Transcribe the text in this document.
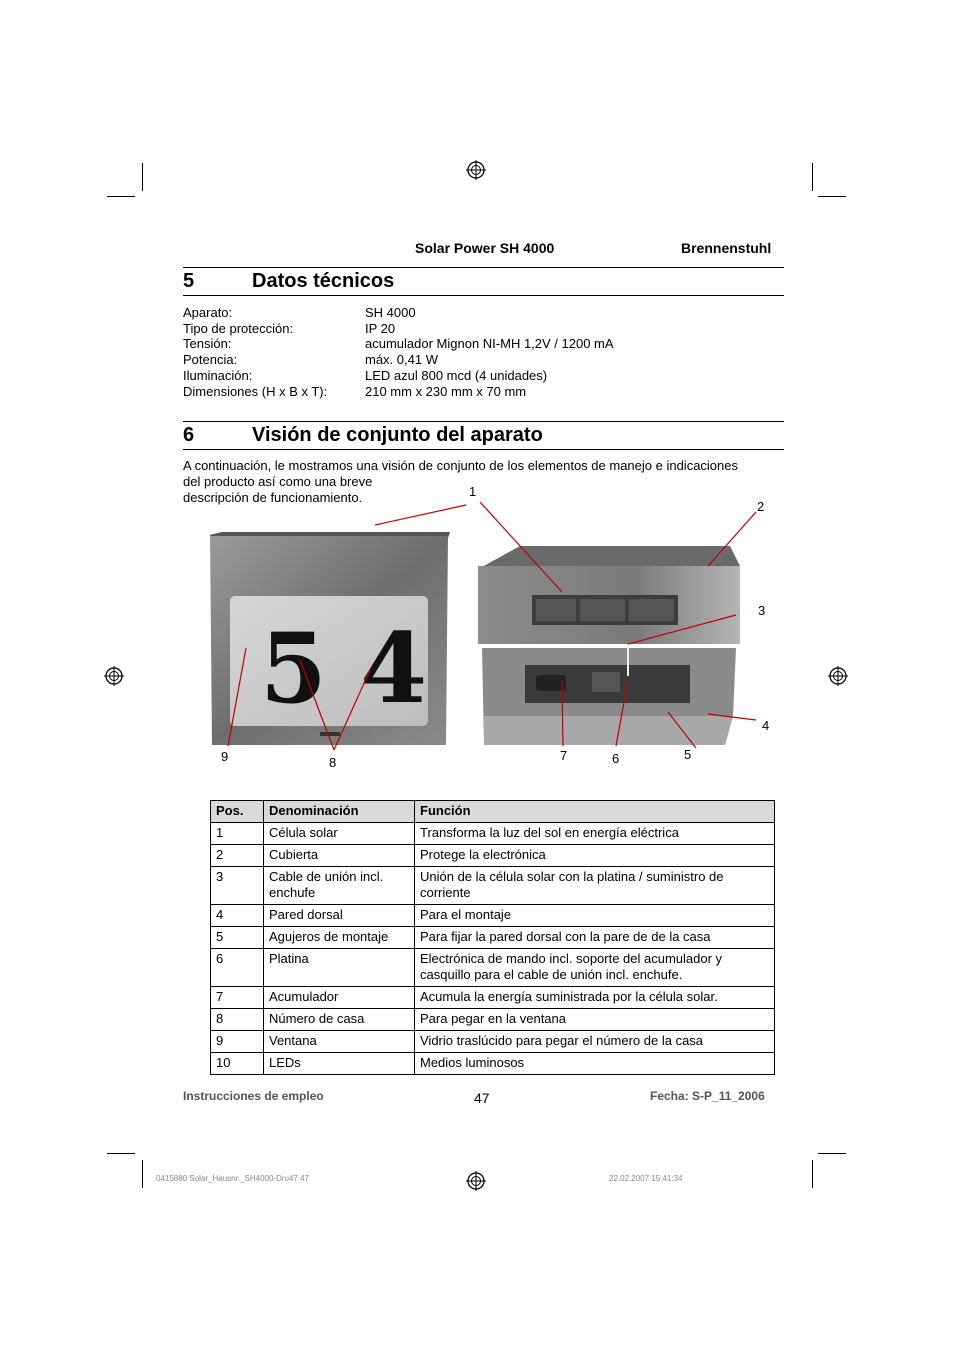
Solar Power SH 4000	Brennenstuhl
5	Datos técnicos
Aparato:	SH 4000
Tipo de protección:	IP 20
Tensión:	acumulador Mignon NI-MH 1,2V / 1200 mA
Potencia:	máx. 0,41 W
Iluminación:	LED azul 800 mcd (4 unidades)
Dimensiones (H x B x T):	210 mm x 230 mm x 70 mm
6	Visión de conjunto del aparato
A continuación, le mostramos una visión de conjunto de los elementos de manejo e indicaciones
del producto así como una breve
descripción de funcionamiento.
5 4
1
2
3
4
5
6
7
8
9
Pos.	Denominación	Función
1	Célula solar	Transforma la luz del sol en energía eléctrica
2	Cubierta	Protege la electrónica
3	Cable de unión incl. enchufe	Unión de la célula solar con la platina / suministro de corriente
4	Pared dorsal	Para el montaje
5	Agujeros de montaje	Para fijar la pared dorsal con la pare de de la casa
6	Platina	Electrónica de mando incl. soporte del acumulador y casquillo para el cable de unión incl. enchufe.
7	Acumulador	Acumula la energía suministrada por la célula solar.
8	Número de casa	Para pegar en la ventana
9	Ventana	Vidrio traslúcido para pegar el número de la casa
10	LEDs	Medios luminosos
Instrucciones de empleo	47	Fecha: S-P_11_2006
0415880 Solar_Hausnr._SH4000-Dru47 47	22.02.2007 15:41:34
